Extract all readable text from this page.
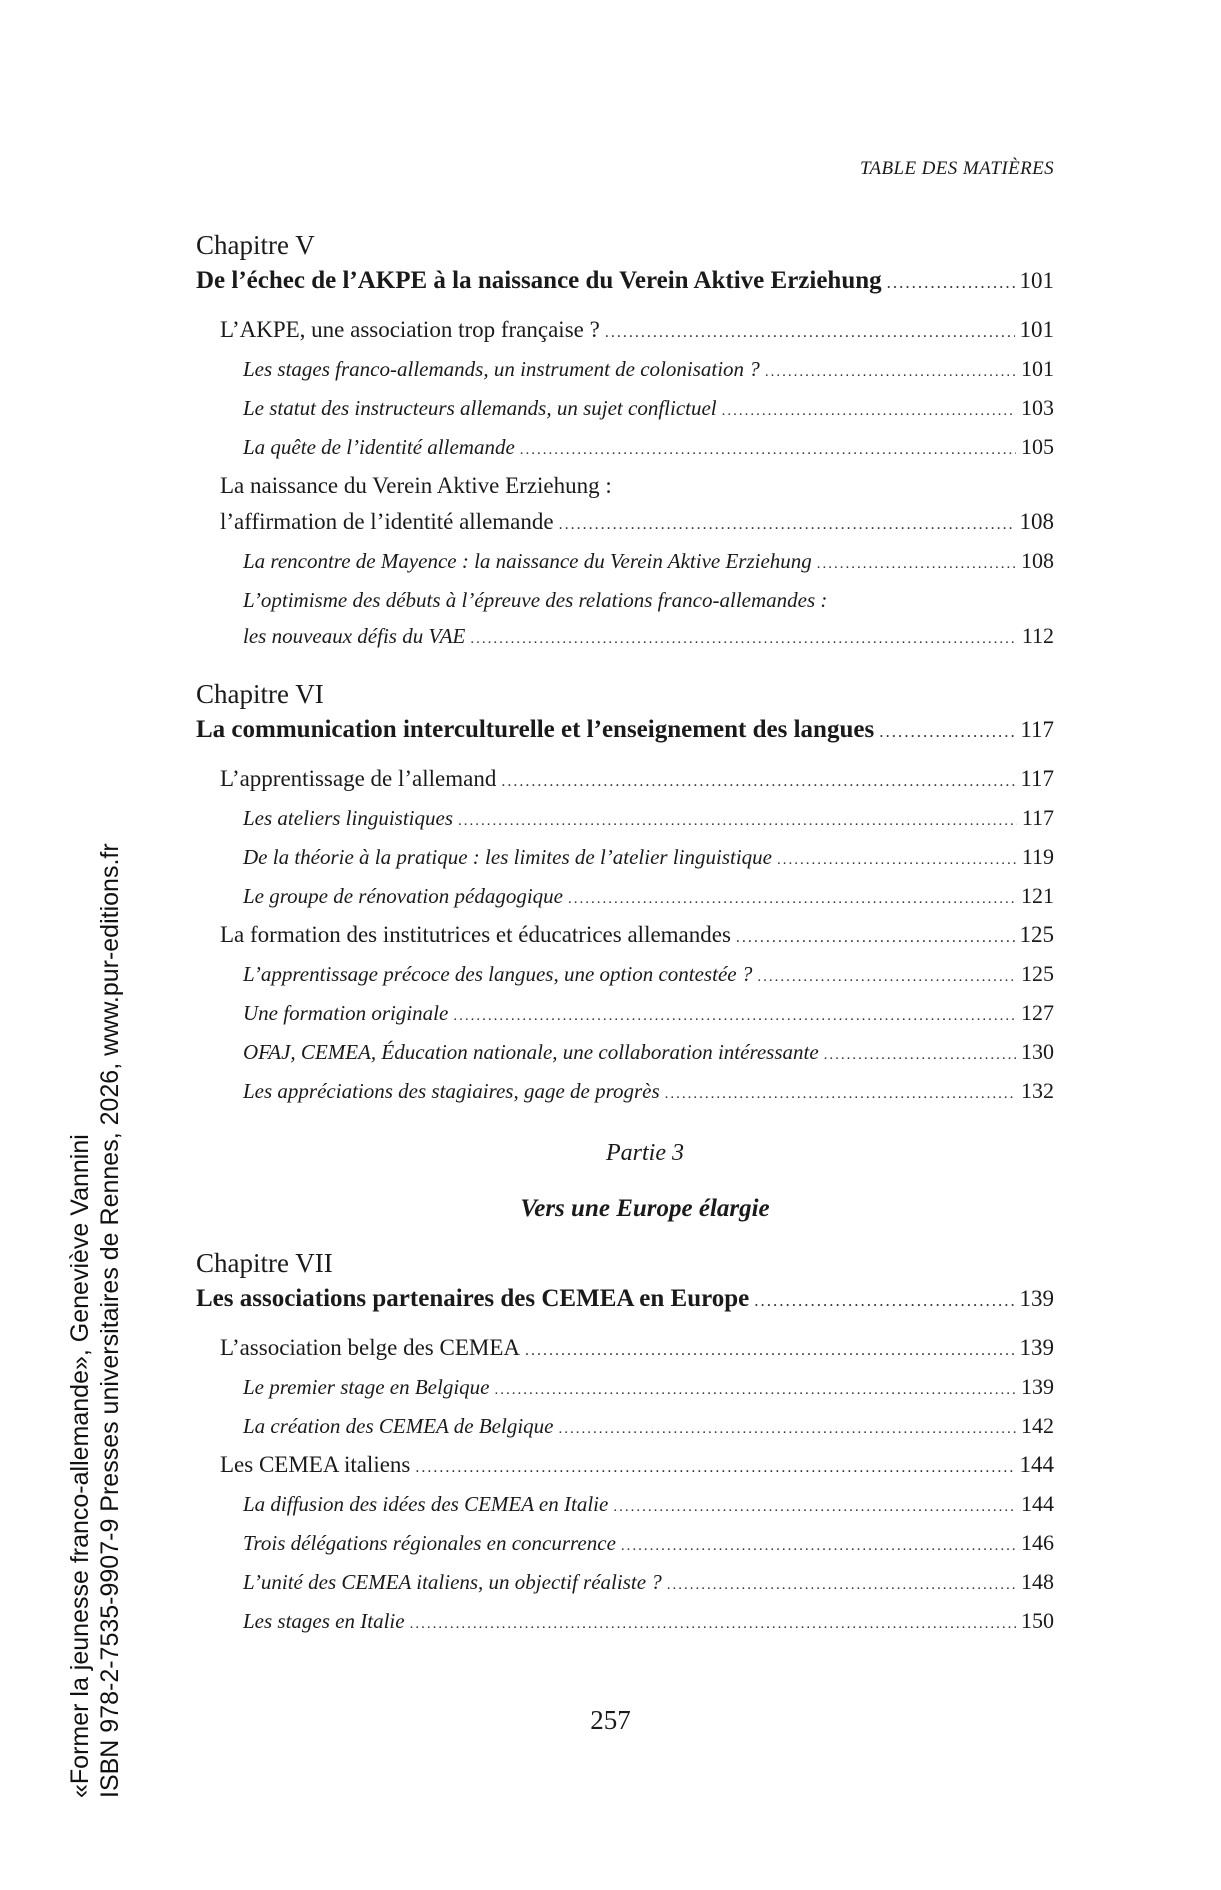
TABLE DES MATIÈRES
Chapitre V
De l’échec de l’AKPE à la naissance du Verein Aktive Erziehung .....	101
L’AKPE, une association trop française ? .....	101
Les stages franco-allemands, un instrument de colonisation ? .....	101
Le statut des instructeurs allemands, un sujet conflictuel .....	103
La quête de l’identité allemande .....	105
La naissance du Verein Aktive Erziehung :
l’affirmation de l’identité allemande .....	108
La rencontre de Mayence : la naissance du Verein Aktive Erziehung .....	108
L’optimisme des débuts à l’épreuve des relations franco-allemandes :
les nouveaux défis du VAE .....	112
Chapitre VI
La communication interculturelle et l’enseignement des langues .....	117
L’apprentissage de l’allemand .....	117
Les ateliers linguistiques .....	117
De la théorie à la pratique : les limites de l’atelier linguistique .....	119
Le groupe de rénovation pédagogique .....	121
La formation des institutrices et éducatrices allemandes .....	125
L’apprentissage précoce des langues, une option contestée ? .....	125
Une formation originale .....	127
OFAJ, CEMEA, Éducation nationale, une collaboration intéressante .....	130
Les appréciations des stagiaires, gage de progrès .....	132
Partie 3
Vers une Europe élargie
Chapitre VII
Les associations partenaires des CEMEA en Europe .....	139
L’association belge des CEMEA .....	139
Le premier stage en Belgique .....	139
La création des CEMEA de Belgique .....	142
Les CEMEA italiens .....	144
La diffusion des idées des CEMEA en Italie .....	144
Trois délégations régionales en concurrence .....	146
L’unité des CEMEA italiens, un objectif réaliste ? .....	148
Les stages en Italie .....	150
257
«Former la jeunesse franco-allemande», Geneviève Vannini ISBN 978-2-7535-9907-9 Presses universitaires de Rennes, 2026, www.pur-editions.fr
